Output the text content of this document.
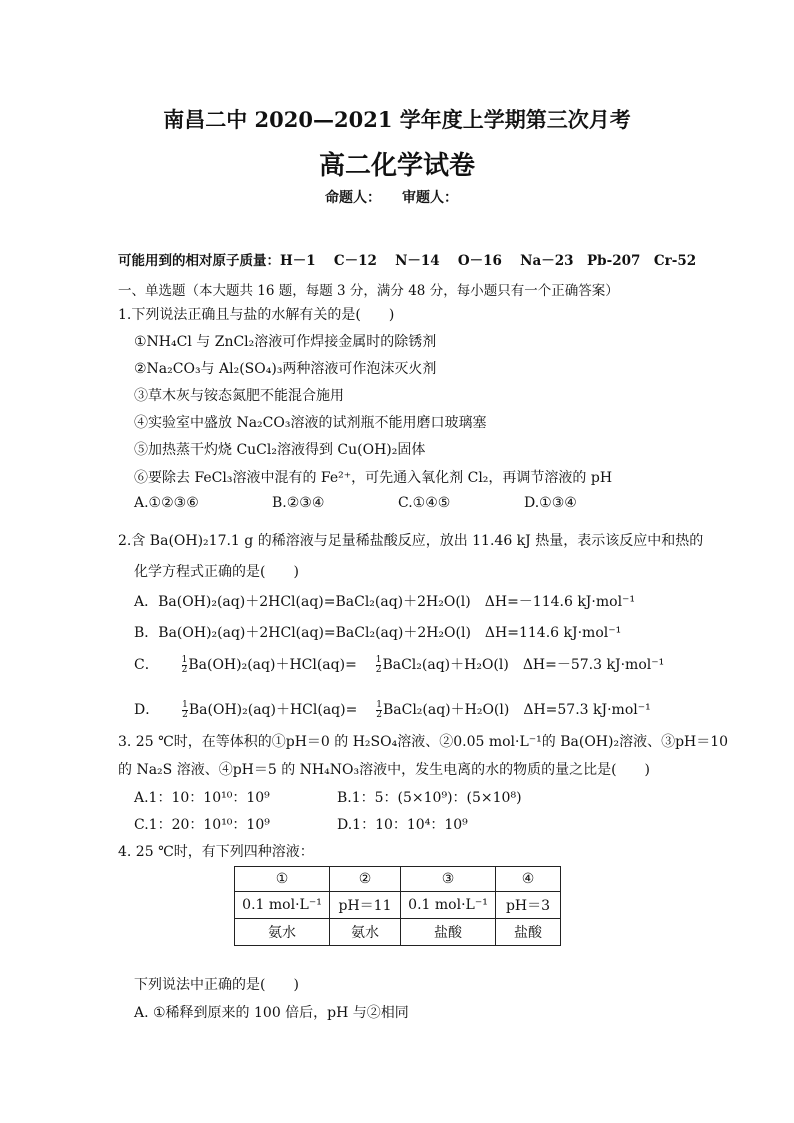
南昌二中 2020—2021 学年度上学期第三次月考
高二化学试卷
命题人：　　审题人：
可能用到的相对原子质量：H－1　 C－12　 N－14　 O－16　 Na－23　Pb-207　Cr-52
一、单选题（本大题共 16 题，每题 3 分，满分 48 分，每小题只有一个正确答案）
1.下列说法正确且与盐的水解有关的是(　　)
①NH₄Cl 与 ZnCl₂溶液可作焊接金属时的除锈剂
②Na₂CO₃与 Al₂(SO₄)₃两种溶液可作泡沫灭火剂
③草木灰与铵态氮肥不能混合施用
④实验室中盛放 Na₂CO₃溶液的试剂瓶不能用磨口玻璃塞
⑤加热蒸干灼烧 CuCl₂溶液得到 Cu(OH)₂固体
⑥要除去 FeCl₃溶液中混有的 Fe²⁺，可先通入氧化剂 Cl₂，再调节溶液的 pH
A.①②③⑥	B.②③④	C.①④⑤	D.①③④
2.含 Ba(OH)₂17.1 g 的稀溶液与足量稀盐酸反应，放出 11.46 kJ 热量，表示该反应中和热的
化学方程式正确的是(　　)
A．Ba(OH)₂(aq)＋2HCl(aq)=BaCl₂(aq)＋2H₂O(l)　ΔH=－114.6 kJ·mol⁻¹
B．Ba(OH)₂(aq)＋2HCl(aq)=BaCl₂(aq)＋2H₂O(l)　ΔH=114.6 kJ·mol⁻¹
C．	$\frac{1}{2} Ba(OH)_2(aq)+HCl(aq)= \frac{1}{2}$ BaCl₂(aq)＋H₂O(l)　ΔH=－57.3 kJ·mol⁻¹
D．	$\frac{1}{2} Ba(OH)_2(aq)+HCl(aq)= \frac{1}{2}$ BaCl₂(aq)＋H₂O(l)　ΔH=57.3 kJ·mol⁻¹
3. 25 ℃时，在等体积的①pH＝0 的 H₂SO₄溶液、②0.05 mol·L⁻¹的 Ba(OH)₂溶液、③pH＝10
的 Na₂S 溶液、④pH＝5 的 NH₄NO₃溶液中，发生电离的水的物质的量之比是(　　)
A.1：10：10¹⁰：10⁹	B.1：5：(5×10⁹)：(5×10⁸)
C.1：20：10¹⁰：10⁹	D.1：10：10⁴：10⁹
4. 25 ℃时，有下列四种溶液：
①	②	③	④
0.1 mol·L⁻¹	pH＝11	0.1 mol·L⁻¹	pH＝3
氨水	氨水	盐酸	盐酸
下列说法中正确的是(　　)
A. ①稀释到原来的 100 倍后，pH 与②相同
